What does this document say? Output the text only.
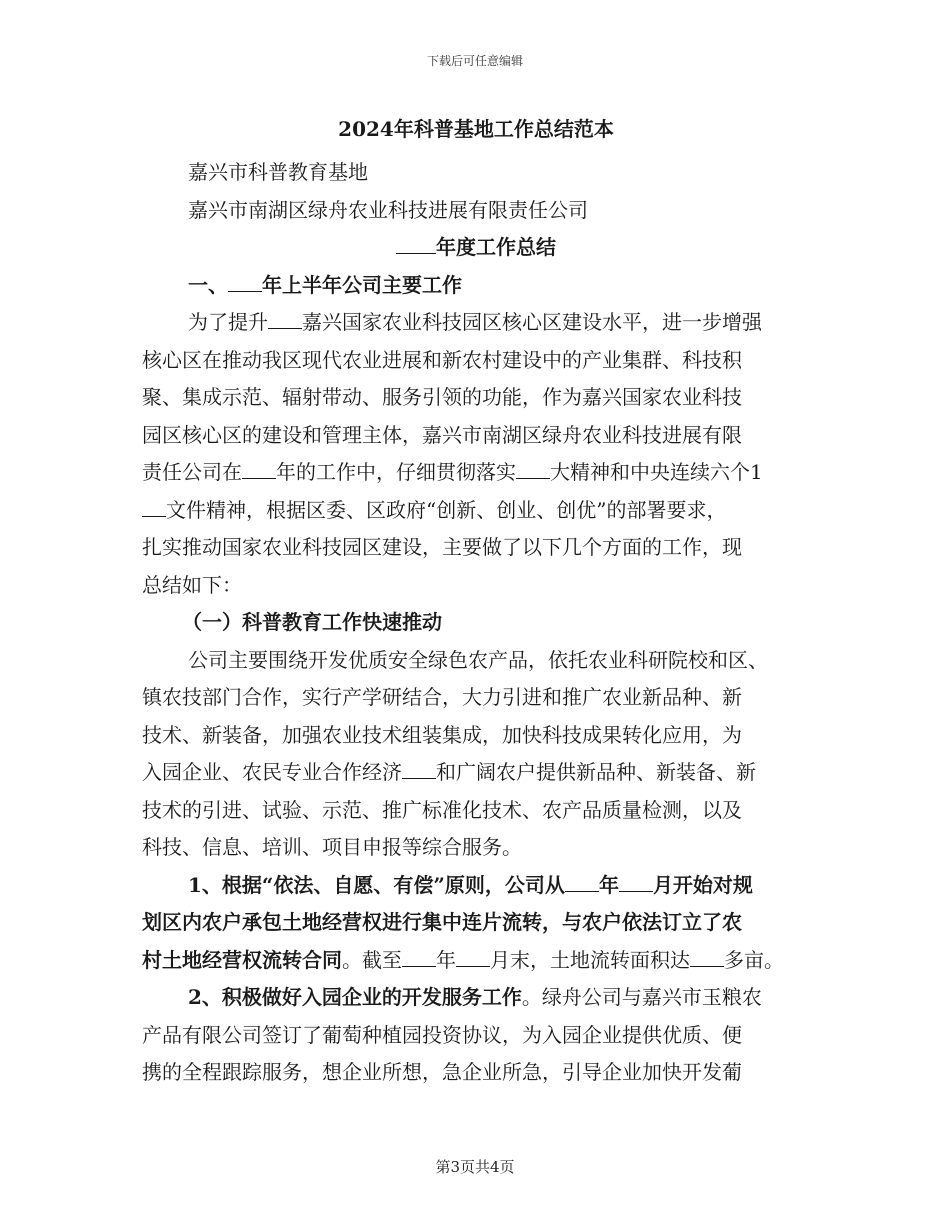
下载后可任意编辑
2024年科普基地工作总结范本
嘉兴市科普教育基地
嘉兴市南湖区绿舟农业科技进展有限责任公司
年度工作总结
一、 年上半年公司主要工作
为了提升 嘉兴国家农业科技园区核心区建设水平，进一步增强
核心区在推动我区现代农业进展和新农村建设中的产业集群、科技积
聚、集成示范、辐射带动、服务引领的功能，作为嘉兴国家农业科技
园区核心区的建设和管理主体，嘉兴市南湖区绿舟农业科技进展有限
责任公司在 年的工作中，仔细贯彻落实 大精神和中央连续六个1
文件精神，根据区委、区政府“创新、创业、创优”的部署要求，
扎实推动国家农业科技园区建设，主要做了以下几个方面的工作，现
总结如下：
（一）科普教育工作快速推动
公司主要围绕开发优质安全绿色农产品，依托农业科研院校和区、
镇农技部门合作，实行产学研结合，大力引进和推广农业新品种、新
技术、新装备，加强农业技术组装集成，加快科技成果转化应用，为
入园企业、农民专业合作经济 和广阔农户提供新品种、新装备、新
技术的引进、试验、示范、推广标准化技术、农产品质量检测，以及
科技、信息、培训、项目申报等综合服务。
1、根据“依法、自愿、有偿”原则，公司从 年 月开始对规
划区内农户承包土地经营权进行集中连片流转，与农户依法订立了农
村土地经营权流转合同。截至 年 月末，土地流转面积达 多亩。
2、积极做好入园企业的开发服务工作。绿舟公司与嘉兴市玉粮农
产品有限公司签订了葡萄种植园投资协议，为入园企业提供优质、便
携的全程跟踪服务，想企业所想，急企业所急，引导企业加快开发葡
第3页共4页
